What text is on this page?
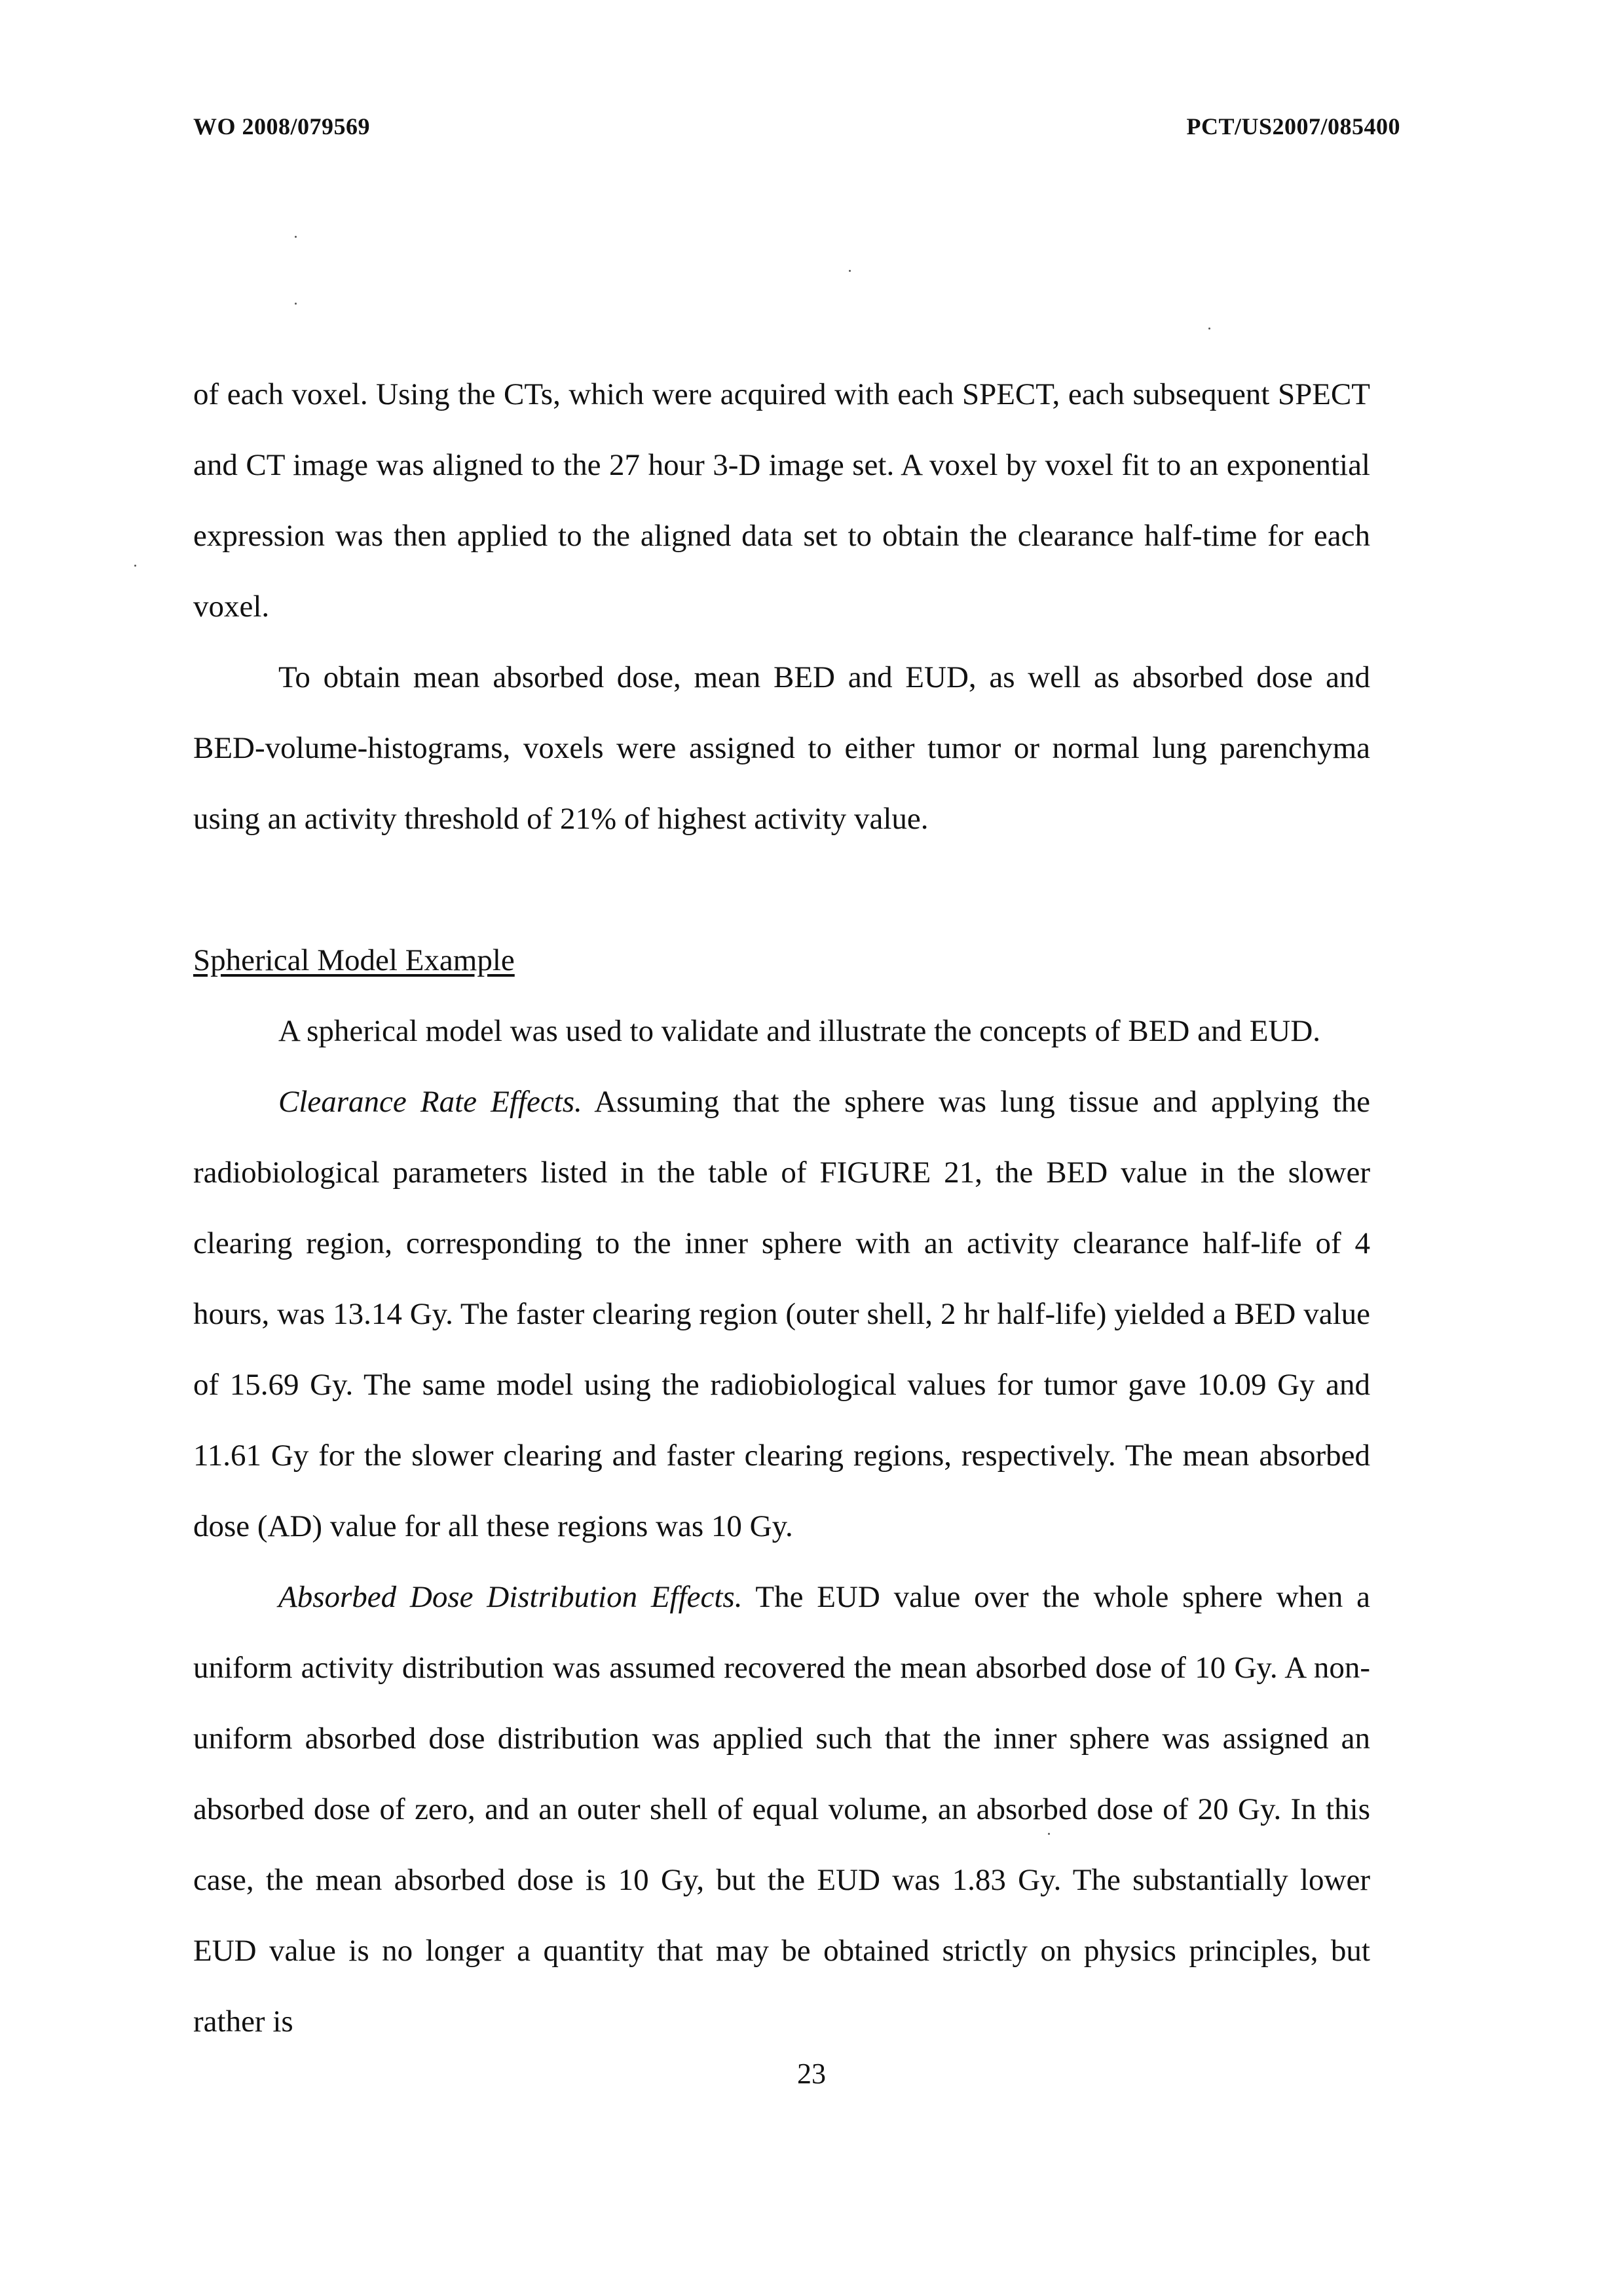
WO 2008/079569	PCT/US2007/085400

of each voxel. Using the CTs, which were acquired with each SPECT, each subsequent SPECT and CT image was aligned to the 27 hour 3-D image set. A voxel by voxel fit to an exponential expression was then applied to the aligned data set to obtain the clearance half-time for each voxel.

To obtain mean absorbed dose, mean BED and EUD, as well as absorbed dose and BED-volume-histograms, voxels were assigned to either tumor or normal lung parenchyma using an activity threshold of 21% of highest activity value.

Spherical Model Example

A spherical model was used to validate and illustrate the concepts of BED and EUD.

Clearance Rate Effects. Assuming that the sphere was lung tissue and applying the radiobiological parameters listed in the table of FIGURE 21, the BED value in the slower clearing region, corresponding to the inner sphere with an activity clearance half-life of 4 hours, was 13.14 Gy. The faster clearing region (outer shell, 2 hr half-life) yielded a BED value of 15.69 Gy. The same model using the radiobiological values for tumor gave 10.09 Gy and 11.61 Gy for the slower clearing and faster clearing regions, respectively. The mean absorbed dose (AD) value for all these regions was 10 Gy.

Absorbed Dose Distribution Effects. The EUD value over the whole sphere when a uniform activity distribution was assumed recovered the mean absorbed dose of 10 Gy. A non-uniform absorbed dose distribution was applied such that the inner sphere was assigned an absorbed dose of zero, and an outer shell of equal volume, an absorbed dose of 20 Gy. In this case, the mean absorbed dose is 10 Gy, but the EUD was 1.83 Gy. The substantially lower EUD value is no longer a quantity that may be obtained strictly on physics principles, but rather is

23
